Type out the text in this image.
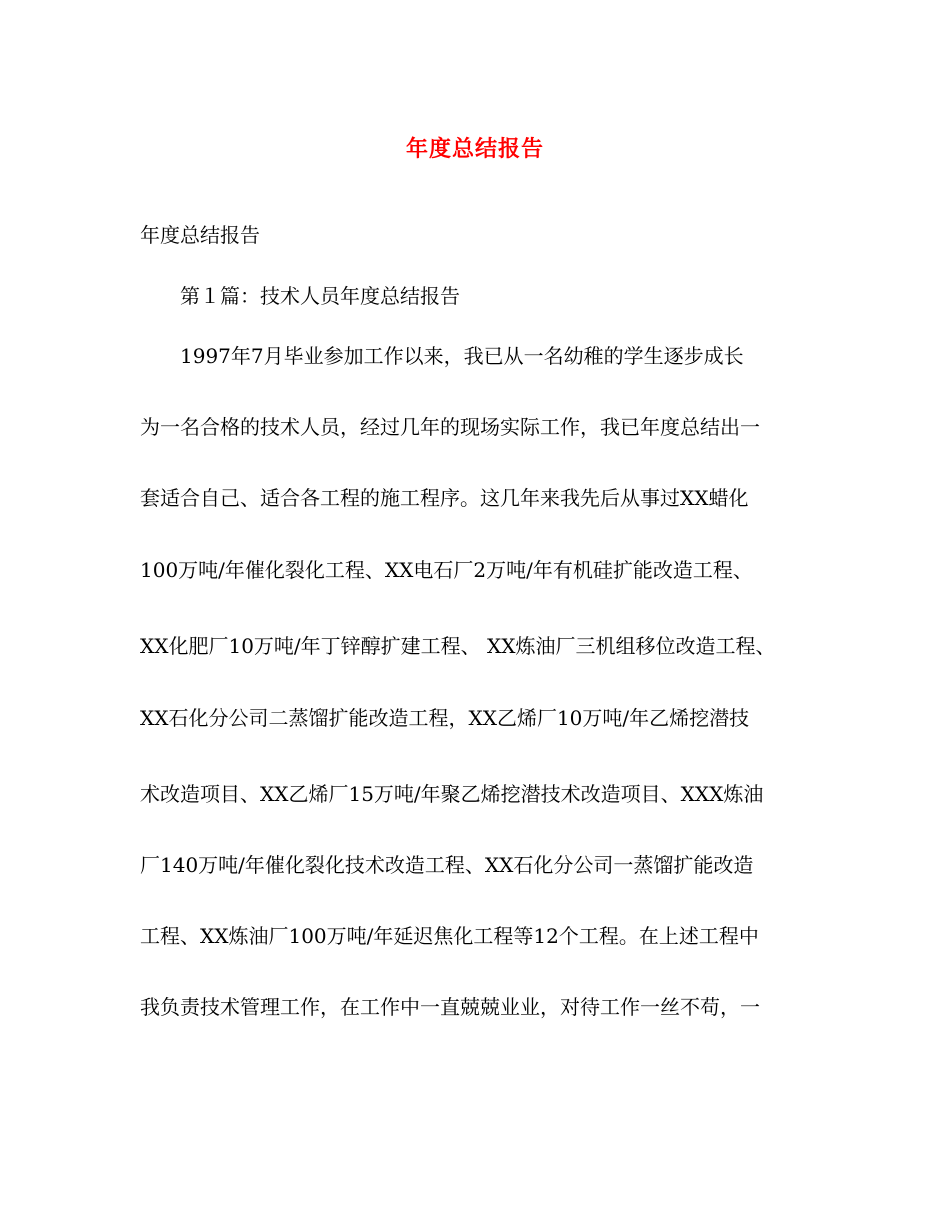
年度总结报告
年度总结报告
第１篇：技术人员年度总结报告
1997年7月毕业参加工作以来，我已从一名幼稚的学生逐步成长
为一名合格的技术人员，经过几年的现场实际工作，我已年度总结出一
套适合自己、适合各工程的施工程序。这几年来我先后从事过XX蜡化
100万吨/年催化裂化工程、XX电石厂2万吨/年有机硅扩能改造工程、
XX化肥厂10万吨/年丁锌醇扩建工程、 XX炼油厂三机组移位改造工程、
XX石化分公司二蒸馏扩能改造工程，XX乙烯厂10万吨/年乙烯挖潜技
术改造项目、XX乙烯厂15万吨/年聚乙烯挖潜技术改造项目、XXX炼油
厂140万吨/年催化裂化技术改造工程、XX石化分公司一蒸馏扩能改造
工程、XX炼油厂100万吨/年延迟焦化工程等12个工程。在上述工程中
我负责技术管理工作，在工作中一直兢兢业业，对待工作一丝不苟，一
